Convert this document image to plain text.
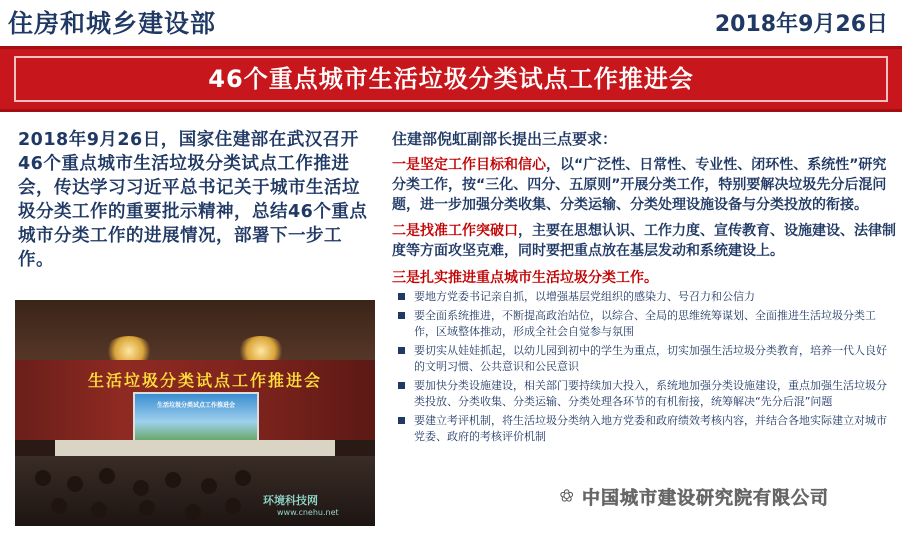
住房和城乡建设部	2018年9月26日
46个重点城市生活垃圾分类试点工作推进会
2018年9月26日，国家住建部在武汉召开46个重点城市生活垃圾分类试点工作推进会，传达学习习近平总书记关于城市生活垃圾分类工作的重要批示精神，总结46个重点城市分类工作的进展情况，部署下一步工作。
生活垃圾分类试点工作推进会
生活垃圾分类试点工作推进会
环境科技网
www.cnehu.net
住建部倪虹副部长提出三点要求：
一是坚定工作目标和信心，以“广泛性、日常性、专业性、闭环性、系统性”研究分类工作，按“三化、四分、五原则”开展分类工作，特别要解决垃圾先分后混问题，进一步加强分类收集、分类运输、分类处理设施设备与分类投放的衔接。
二是找准工作突破口，主要在思想认识、工作力度、宣传教育、设施建设、法律制度等方面攻坚克难，同时要把重点放在基层发动和系统建设上。
三是扎实推进重点城市生活垃圾分类工作。
要地方党委书记亲自抓，以增强基层党组织的感染力、号召力和公信力
要全面系统推进，不断提高政治站位，以综合、全局的思维统筹谋划、全面推进生活垃圾分类工作，区域整体推动，形成全社会自觉参与氛围
要切实从娃娃抓起，以幼儿园到初中的学生为重点，切实加强生活垃圾分类教育，培养一代人良好的文明习惯、公共意识和公民意识
要加快分类设施建设，相关部门要持续加大投入，系统地加强分类设施建设，重点加强生活垃圾分类投放、分类收集、分类运输、分类处理各环节的有机衔接，统筹解决“先分后混”问题
要建立考评机制，将生活垃圾分类纳入地方党委和政府绩效考核内容，并结合各地实际建立对城市党委、政府的考核评价机制
✿ 中国城市建设研究院有限公司
